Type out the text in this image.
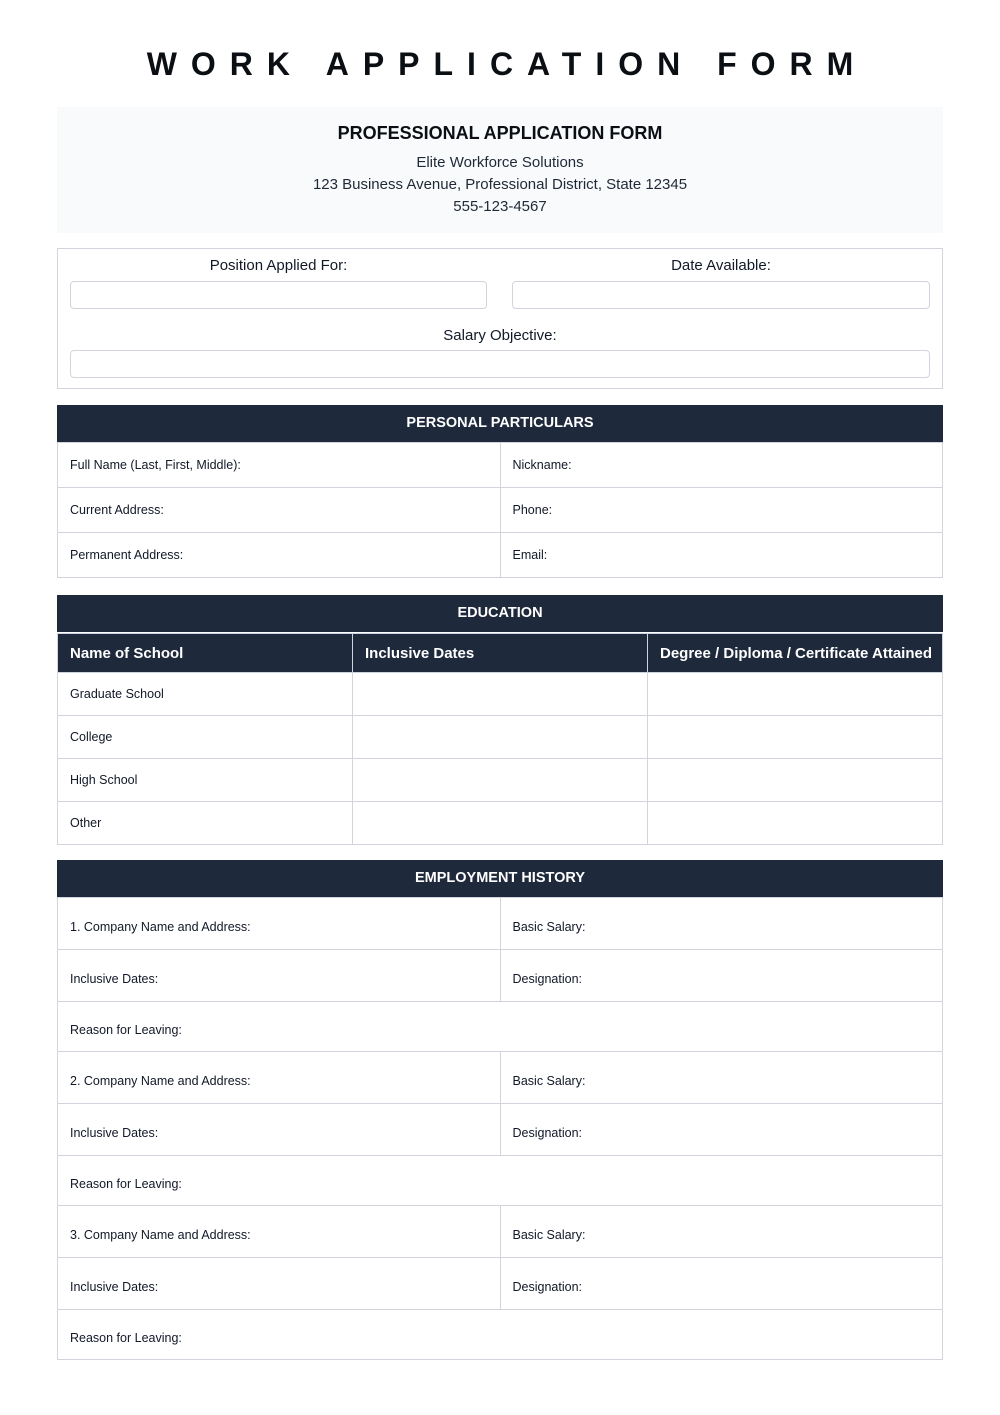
WORK APPLICATION FORM
PROFESSIONAL APPLICATION FORM
Elite Workforce Solutions
123 Business Avenue, Professional District, State 12345
555-123-4567
Position Applied For:	Date Available:
Salary Objective:
PERSONAL PARTICULARS
Full Name (Last, First, Middle):	Nickname:
Current Address:	Phone:
Permanent Address:	Email:
EDUCATION
Name of School	Inclusive Dates	Degree / Diploma / Certificate Attained
Graduate School		
College		
High School		
Other		
EMPLOYMENT HISTORY
1. Company Name and Address:	Basic Salary:
Inclusive Dates:	Designation:
Reason for Leaving:	
2. Company Name and Address:	Basic Salary:
Inclusive Dates:	Designation:
Reason for Leaving:	
3. Company Name and Address:	Basic Salary:
Inclusive Dates:	Designation:
Reason for Leaving:	
